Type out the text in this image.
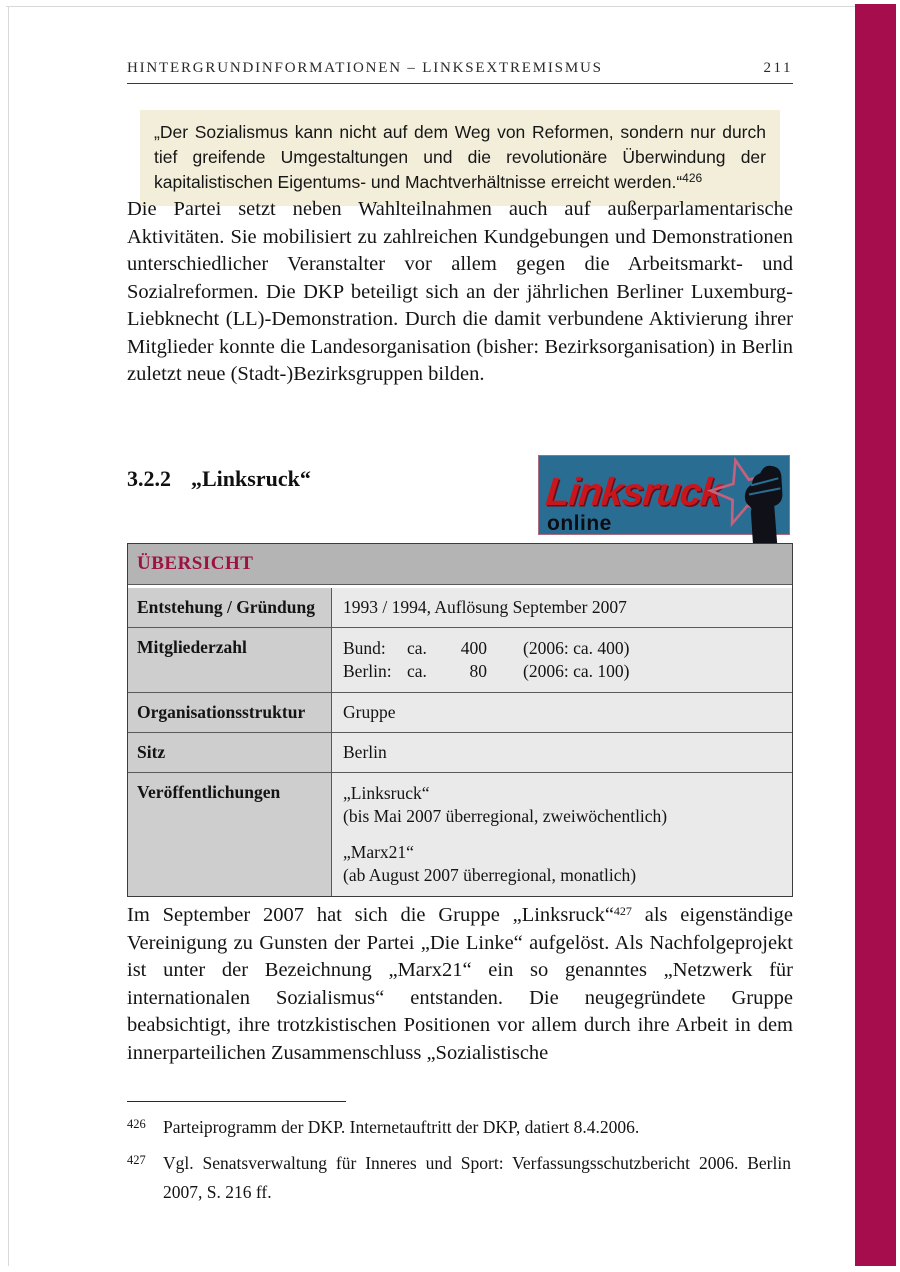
HINTERGRUNDINFORMATIONEN – LINKSEXTREMISMUS	211
„Der Sozialismus kann nicht auf dem Weg von Reformen, sondern nur durch tief greifende Umgestaltungen und die revolutionäre Überwindung der kapitalistischen Eigentums- und Machtverhältnisse erreicht werden.“$^{426}$
Die Partei setzt neben Wahlteilnahmen auch auf außerparlamentarische Aktivitäten. Sie mobilisiert zu zahlreichen Kundgebungen und Demonstrationen unterschiedlicher Veranstalter vor allem gegen die Arbeitsmarkt- und Sozialreformen. Die DKP beteiligt sich an der jährlichen Berliner Luxemburg-Liebknecht (LL)-Demonstration. Durch die damit verbundene Aktivierung ihrer Mitglieder konnte die Landesorganisation (bisher: Bezirksorganisation) in Berlin zuletzt neue (Stadt-)Bezirksgruppen bilden.
3.2.2 „Linksruck“	Linksruck
online
ÜBERSICHT
Entstehung / Gründung	1993 / 1994, Auflösung September 2007
Mitgliederzahl	Bund:	ca.	400 (2006: ca. 400)
Berlin: ca.	80 (2006: ca. 100)
Organisationsstruktur	Gruppe
Sitz	Berlin
Veröffentlichungen	„Linksruck“
(bis Mai 2007 überregional, zweiwöchentlich)
„Marx21“
(ab August 2007 überregional, monatlich)
Im September 2007 hat sich die Gruppe „Linksruck“$^{427}$ als eigenständige Vereinigung zu Gunsten der Partei „Die Linke“ aufgelöst. Als Nachfolgeprojekt ist unter der Bezeichnung „Marx21“ ein so genanntes „Netzwerk für internationalen Sozialismus“ entstanden. Die neugegründete Gruppe beabsichtigt, ihre trotzkistischen Positionen vor allem durch ihre Arbeit in dem innerparteilichen Zusammenschluss „Sozialistische
426 Parteiprogramm der DKP. Internetauftritt der DKP, datiert 8.4.2006.
427 Vgl. Senatsverwaltung für Inneres und Sport: Verfassungsschutzbericht 2006. Berlin 2007, S. 216 ff.
